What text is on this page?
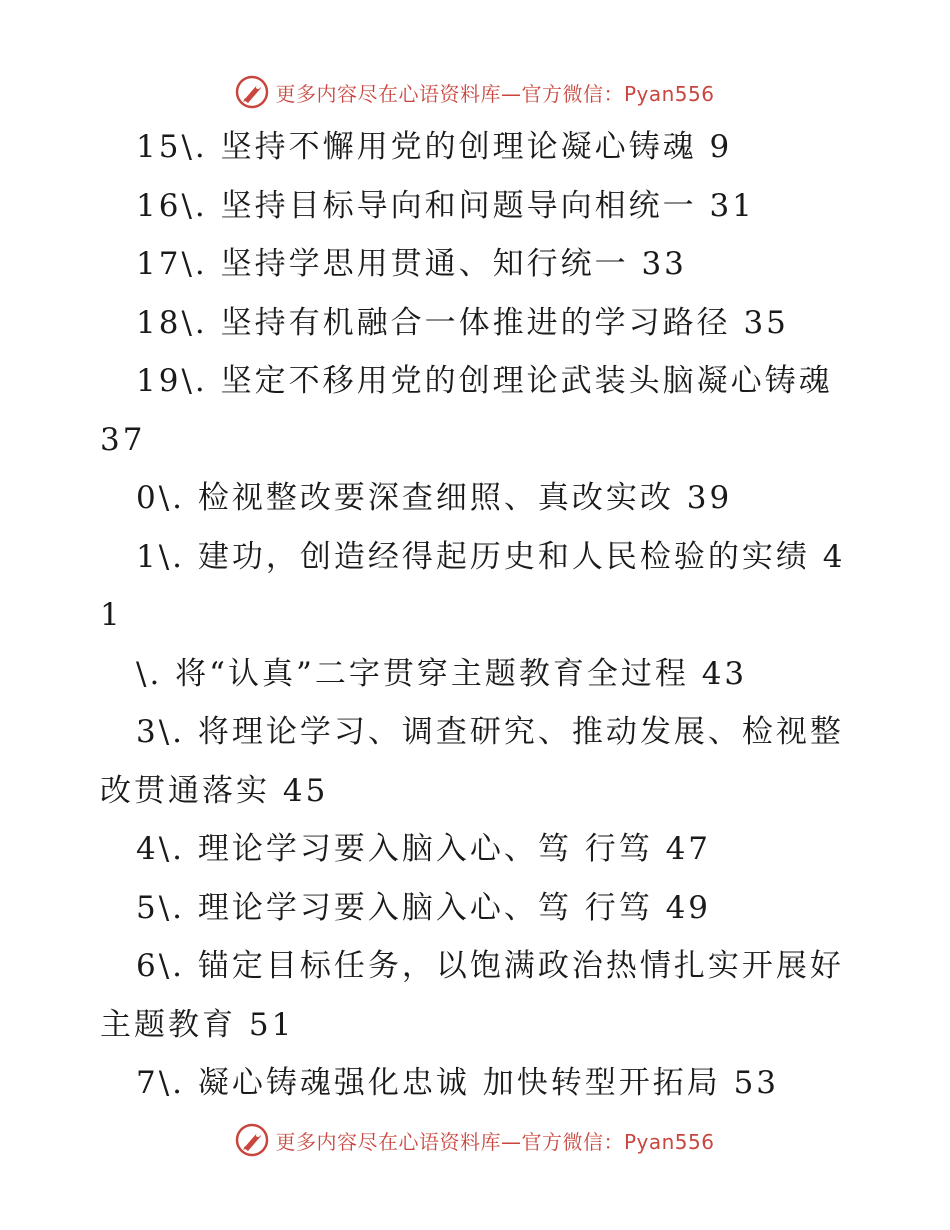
更多内容尽在心语资料库—官方微信：Pyan556
15\. 坚持不懈用党的创理论凝心铸魂 9
16\. 坚持目标导向和问题导向相统一 31
17\. 坚持学思用贯通、知行统一 33
18\. 坚持有机融合一体推进的学习路径 35
19\. 坚定不移用党的创理论武装头脑凝心铸魂 37
0\. 检视整改要深查细照、真改实改 39
1\. 建功，创造经得起历史和人民检验的实绩 41
\. 将“认真”二字贯穿主题教育全过程 43
3\. 将理论学习、调查研究、推动发展、检视整改贯通落实 45
4\. 理论学习要入脑入心、笃 行笃 47
5\. 理论学习要入脑入心、笃 行笃 49
6\. 锚定目标任务，以饱满政治热情扎实开展好主题教育 51
7\. 凝心铸魂强化忠诚 加快转型开拓局 53
更多内容尽在心语资料库—官方微信：Pyan556
